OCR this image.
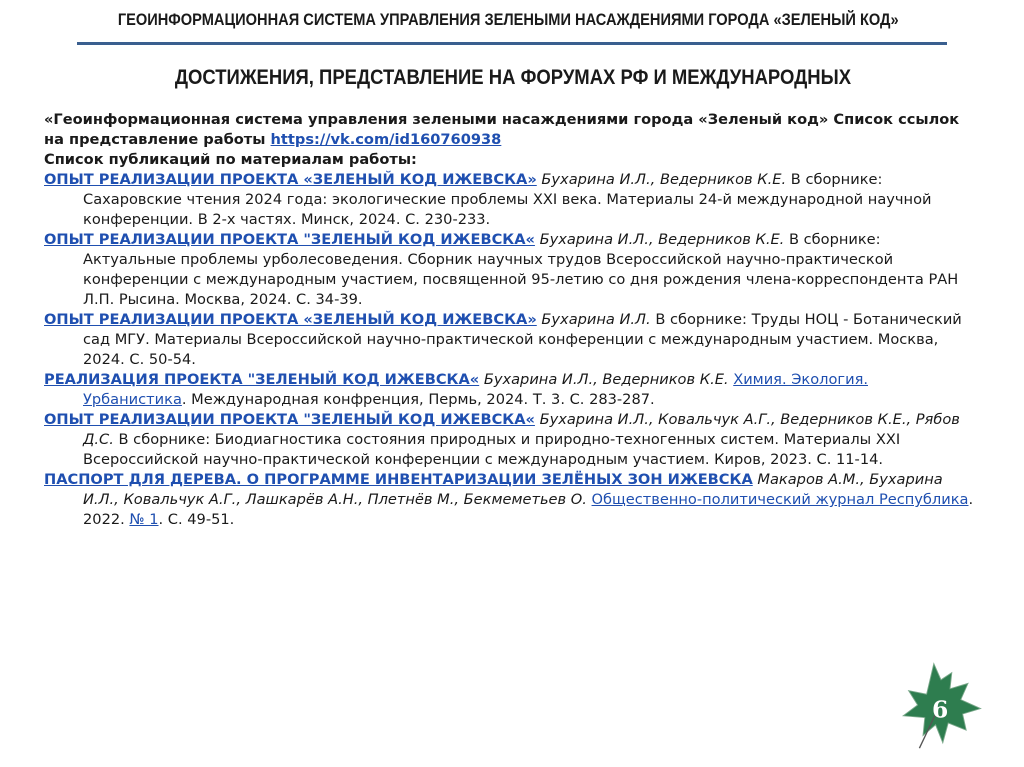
ГЕОИНФОРМАЦИОННАЯ СИСТЕМА УПРАВЛЕНИЯ ЗЕЛЕНЫМИ НАСАЖДЕНИЯМИ ГОРОДА «ЗЕЛЕНЫЙ КОД»
ДОСТИЖЕНИЯ, ПРЕДСТАВЛЕНИЕ НА ФОРУМАХ РФ И МЕЖДУНАРОДНЫХ

«Геоинформационная система управления зелеными насаждениями города «Зеленый код» Список ссылок на представление работы https://vk.com/id160760938

Список публикаций по материалам работы:

ОПЫТ РЕАЛИЗАЦИИ ПРОЕКТА «ЗЕЛЕНЫЙ КОД ИЖЕВСКА» Бухарина И.Л., Ведерников К.Е. В сборнике: Сахаровские чтения 2024 года: экологические проблемы XXI века. Материалы 24-й международной научной конференции. В 2-х частях. Минск, 2024. С. 230-233.

ОПЫТ РЕАЛИЗАЦИИ ПРОЕКТА "ЗЕЛЕНЫЙ КОД ИЖЕВСКА« Бухарина И.Л., Ведерников К.Е. В сборнике: Актуальные проблемы урболесоведения. Сборник научных трудов Всероссийской научно-практической конференции с международным участием, посвященной 95-летию со дня рождения члена-корреспондента РАН Л.П. Рысина. Москва, 2024. С. 34-39.

ОПЫТ РЕАЛИЗАЦИИ ПРОЕКТА «ЗЕЛЕНЫЙ КОД ИЖЕВСКА» Бухарина И.Л. В сборнике: Труды НОЦ - Ботанический сад МГУ. Материалы Всероссийской научно-практической конференции с международным участием. Москва, 2024. С. 50-54.

РЕАЛИЗАЦИЯ ПРОЕКТА "ЗЕЛЕНЫЙ КОД ИЖЕВСКА« Бухарина И.Л., Ведерников К.Е. Химия. Экология. Урбанистика. Международная конфренция, Пермь, 2024. Т. 3. С. 283-287.

ОПЫТ РЕАЛИЗАЦИИ ПРОЕКТА "ЗЕЛЕНЫЙ КОД ИЖЕВСКА« Бухарина И.Л., Ковальчук А.Г., Ведерников К.Е., Рябов Д.С. В сборнике: Биодиагностика состояния природных и природно-техногенных систем. Материалы XXI Всероссийской научно-практической конференции с международным участием. Киров, 2023. С. 11-14.

ПАСПОРТ ДЛЯ ДЕРЕВА. О ПРОГРАММЕ ИНВЕНТАРИЗАЦИИ ЗЕЛЁНЫХ ЗОН ИЖЕВСКА Макаров А.М., Бухарина И.Л., Ковальчук А.Г., Лашкарёв А.Н., Плетнёв М., Бекмеметьев О. Общественно-политический журнал Республика. 2022. № 1. С. 49-51.

6
